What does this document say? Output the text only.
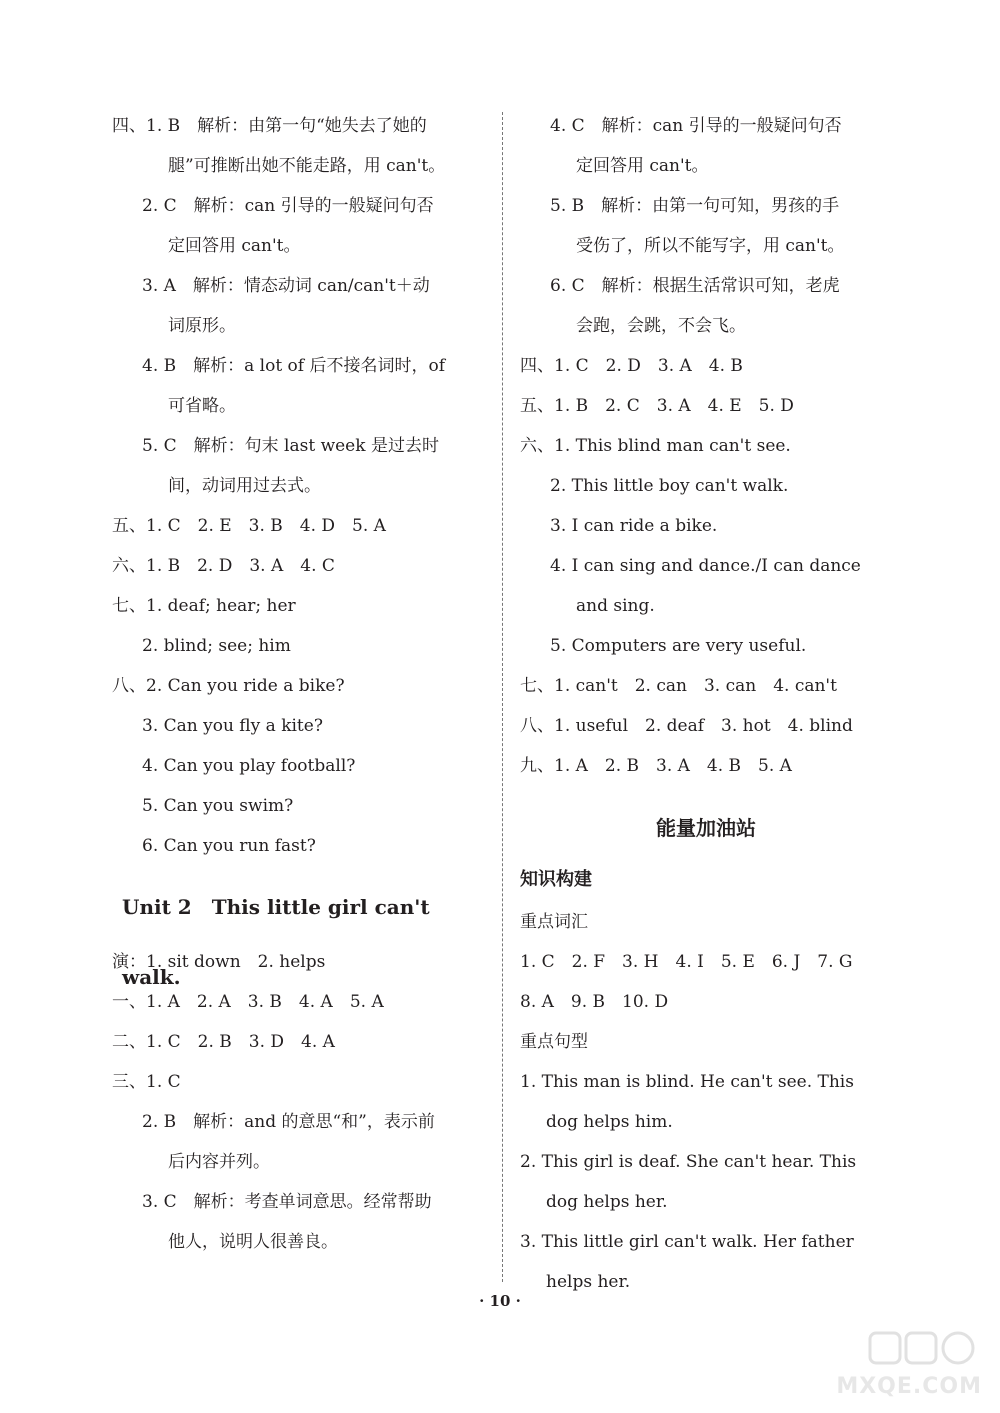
四、1. B　解析：由第一句“她失去了她的
腿”可推断出她不能走路，用 can't。
2. C　解析：can 引导的一般疑问句否
定回答用 can't。
3. A　解析：情态动词 can/can't＋动
词原形。
4. B　解析：a lot of 后不接名词时，of
可省略。
5. C　解析：句末 last week 是过去时
间，动词用过去式。
五、1. C　2. E　3. B　4. D　5. A
六、1. B　2. D　3. A　4. C
七、1. deaf; hear; her
2. blind; see; him
八、2. Can you ride a bike?
3. Can you fly a kite?
4. Can you play football?
5. Can you swim?
6. Can you run fast?
Unit 2　This little girl can't walk.
演：1. sit down　2. helps
一、1. A　2. A　3. B　4. A　5. A
二、1. C　2. B　3. D　4. A
三、1. C
2. B　解析：and 的意思“和”，表示前
后内容并列。
3. C　解析：考查单词意思。经常帮助
他人，说明人很善良。
4. C　解析：can 引导的一般疑问句否
定回答用 can't。
5. B　解析：由第一句可知，男孩的手
受伤了，所以不能写字，用 can't。
6. C　解析：根据生活常识可知，老虎
会跑，会跳，不会飞。
四、1. C　2. D　3. A　4. B
五、1. B　2. C　3. A　4. E　5. D
六、1. This blind man can't see.
2. This little boy can't walk.
3. I can ride a bike.
4. I can sing and dance./I can dance
and sing.
5. Computers are very useful.
七、1. can't　2. can　3. can　4. can't
八、1. useful　2. deaf　3. hot　4. blind
九、1. A　2. B　3. A　4. B　5. A
能量加油站
知识构建
重点词汇
1. C　2. F　3. H　4. I　5. E　6. J　7. G
8. A　9. B　10. D
重点句型
1. This man is blind. He can't see. This
dog helps him.
2. This girl is deaf. She can't hear. This
dog helps her.
3. This little girl can't walk. Her father
helps her.
· 10 ·
MXQE.COM
